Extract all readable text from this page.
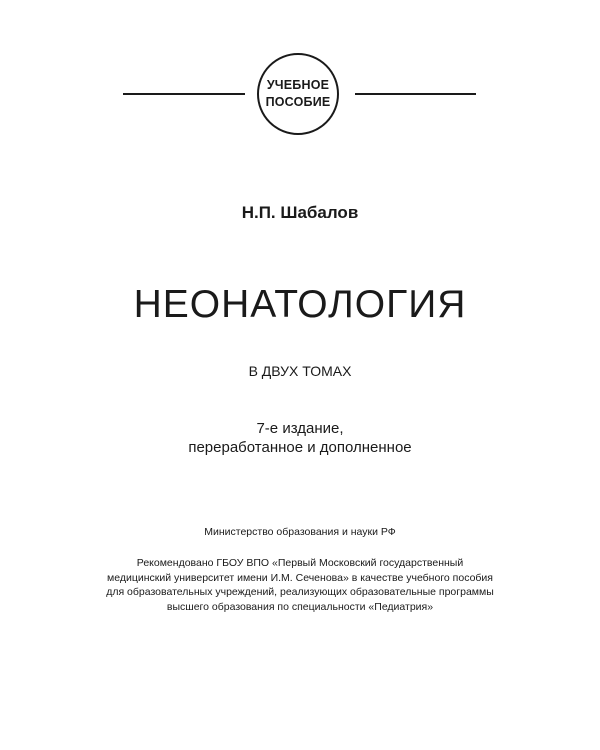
УЧЕБНОЕ
ПОСОБИЕ
Н.П. Шабалов
НЕОНАТОЛОГИЯ
В ДВУХ ТОМАХ
7-е издание,
переработанное и дополненное
Министерство образования и науки РФ
Рекомендовано ГБОУ ВПО «Первый Московский государственный
медицинский университет имени И.М. Сеченова» в качестве учебного пособия
для образовательных учреждений, реализующих образовательные программы
высшего образования по специальности «Педиатрия»
